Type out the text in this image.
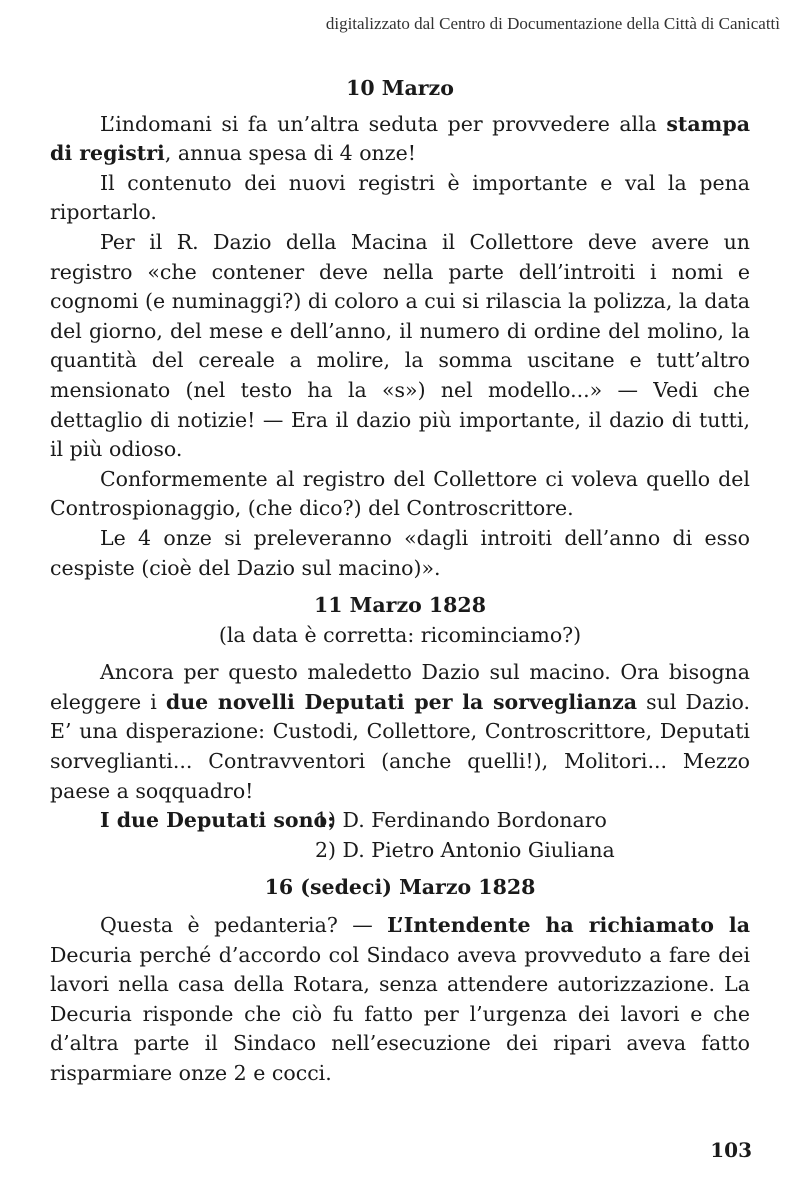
digitalizzato dal Centro di Documentazione della Città di Canicattì
10 Marzo

L’indomani si fa un’altra seduta per provvedere alla stampa di registri, annua spesa di 4 onze!

Il contenuto dei nuovi registri è importante e val la pena riportarlo.

Per il R. Dazio della Macina il Collettore deve avere un registro «che contener deve nella parte dell’introiti i nomi e cognomi (e numinaggi?) di coloro a cui si rilascia la polizza, la data del giorno, del mese e dell’anno, il numero di ordine del molino, la quantità del cereale a molire, la somma uscitane e tutt’altro mensionato (nel testo ha la «s») nel modello...» — Vedi che dettaglio di notizie! — Era il dazio più importante, il dazio di tutti, il più odioso.

Conformemente al registro del Collettore ci voleva quello del Controspionaggio, (che dico?) del Controscrittore.

Le 4 onze si preleveranno «dagli introiti dell’anno di esso cespiste (cioè del Dazio sul macino)».

11 Marzo 1828
(la data è corretta: ricominciamo?)

Ancora per questo maledetto Dazio sul macino. Ora bisogna eleggere i due novelli Deputati per la sorveglianza sul Dazio. E’ una disperazione: Custodi, Collettore, Controscrittore, Deputati sorveglianti... Contravventori (anche quelli!), Molitori... Mezzo paese a soqquadro!

I due Deputati sono:
1) D. Ferdinando Bordonaro
2) D. Pietro Antonio Giuliana
16 (sedeci) Marzo 1828

Questa è pedanteria? — L’Intendente ha richiamato la Decuria perché d’accordo col Sindaco aveva provveduto a fare dei lavori nella casa della Rotara, senza attendere autorizzazione. La Decuria risponde che ciò fu fatto per l’urgenza dei lavori e che d’altra parte il Sindaco nell’esecuzione dei ripari aveva fatto risparmiare onze 2 e cocci.

103
